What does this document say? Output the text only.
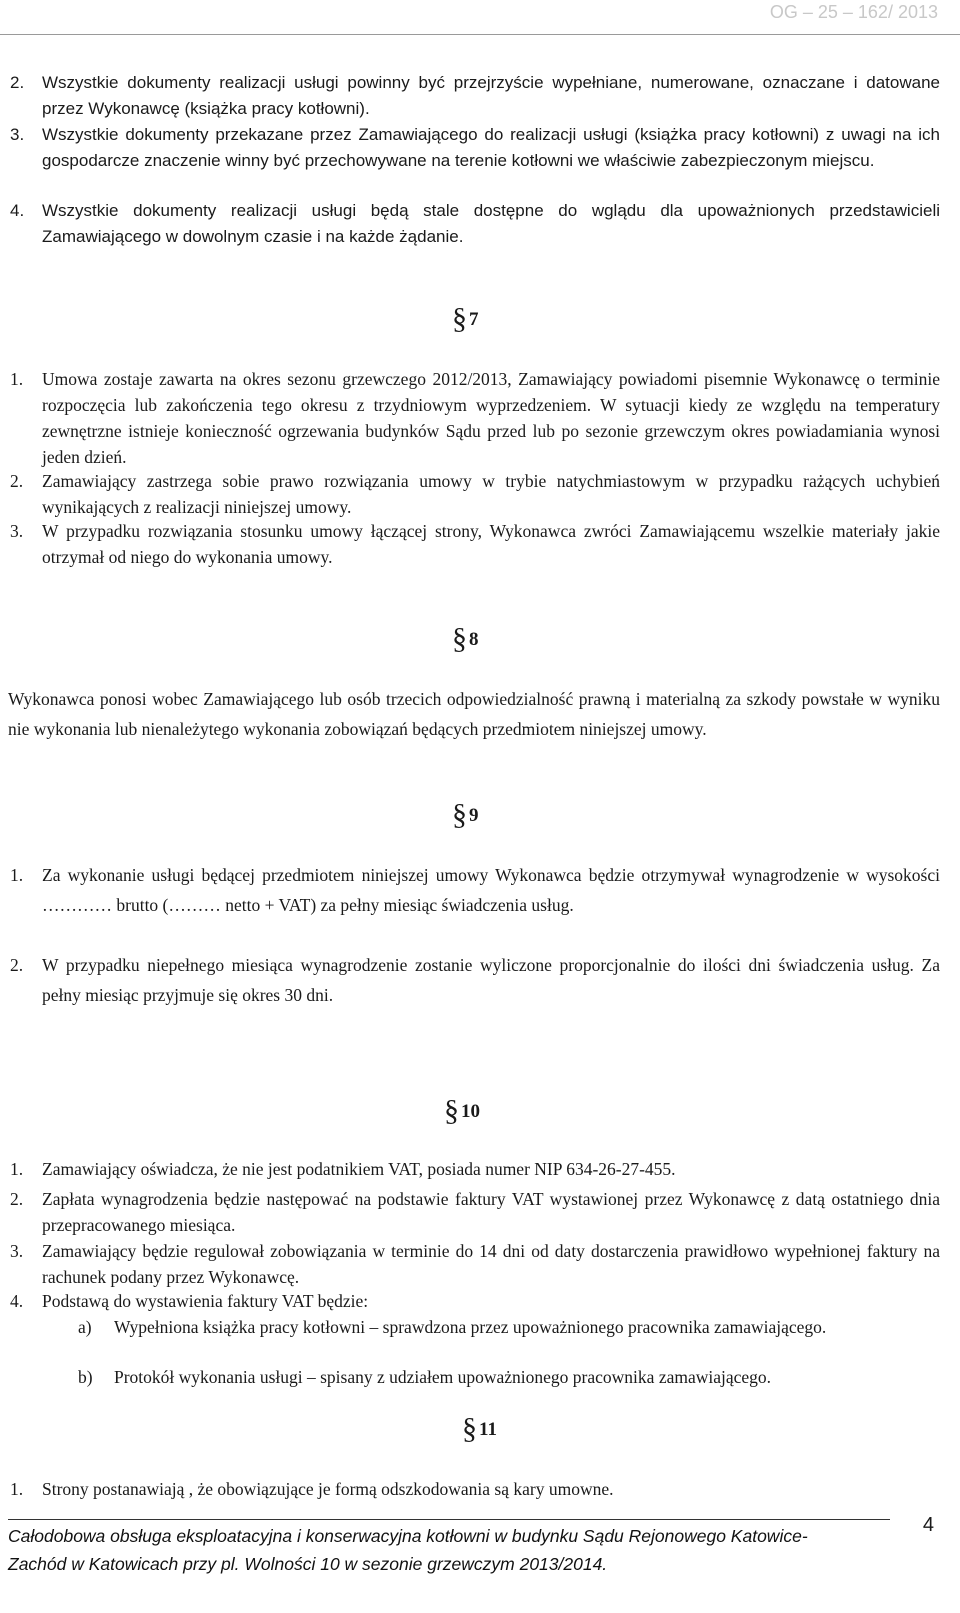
OG – 25 – 162/ 2013
2. Wszystkie dokumenty realizacji usługi powinny być przejrzyście wypełniane, numerowane, oznaczane i datowane przez Wykonawcę (książka pracy kotłowni).
3. Wszystkie dokumenty przekazane przez Zamawiającego do realizacji usługi (książka pracy kotłowni) z uwagi na ich gospodarcze znaczenie winny być przechowywane na terenie kotłowni we właściwie zabezpieczonym miejscu.
4. Wszystkie dokumenty realizacji usługi będą stale dostępne do wglądu dla upoważnionych przedstawicieli Zamawiającego w dowolnym czasie i na każde żądanie.
§ 7
1. Umowa zostaje zawarta na okres sezonu grzewczego 2012/2013, Zamawiający powiadomi pisemnie Wykonawcę o terminie rozpoczęcia lub zakończenia tego okresu z trzydniowym wyprzedzeniem. W sytuacji kiedy ze względu na temperatury zewnętrzne istnieje konieczność ogrzewania budynków Sądu przed lub po sezonie grzewczym okres powiadamiania wynosi jeden dzień.
2. Zamawiający zastrzega sobie prawo rozwiązania umowy w trybie natychmiastowym w przypadku rażących uchybień wynikających z realizacji niniejszej umowy.
3. W przypadku rozwiązania stosunku umowy łączącej strony, Wykonawca zwróci Zamawiającemu wszelkie materiały jakie otrzymał od niego do wykonania umowy.
§ 8
Wykonawca ponosi wobec Zamawiającego lub osób trzecich odpowiedzialność prawną i materialną za szkody powstałe w wyniku nie wykonania lub nienależytego wykonania zobowiązań będących przedmiotem niniejszej umowy.
§ 9
1. Za wykonanie usługi będącej przedmiotem niniejszej umowy Wykonawca będzie otrzymywał wynagrodzenie w wysokości ………… brutto (……… netto + VAT) za pełny miesiąc świadczenia usług.
2. W przypadku niepełnego miesiąca wynagrodzenie zostanie wyliczone proporcjonalnie do ilości dni świadczenia usług. Za pełny miesiąc przyjmuje się okres 30 dni.
§ 10
1. Zamawiający oświadcza, że nie jest podatnikiem VAT, posiada numer NIP 634-26-27-455.
2. Zapłata wynagrodzenia będzie następować na podstawie faktury VAT wystawionej przez Wykonawcę z datą ostatniego dnia przepracowanego miesiąca.
3. Zamawiający będzie regulował zobowiązania w terminie do 14 dni od daty dostarczenia prawidłowo wypełnionej faktury na rachunek podany przez Wykonawcę.
4. Podstawą do wystawienia faktury VAT będzie:
a) Wypełniona książka pracy kotłowni – sprawdzona przez upoważnionego pracownika zamawiającego.
b) Protokół wykonania usługi – spisany z udziałem upoważnionego pracownika zamawiającego.
§ 11
1. Strony postanawiają , że obowiązujące je formą odszkodowania są kary umowne.
Całodobowa obsługa eksploatacyjna i konserwacyjna kotłowni w budynku Sądu Rejonowego Katowice-
Zachód w Katowicach przy pl. Wolności 10 w sezonie grzewczym 2013/2014.
4
